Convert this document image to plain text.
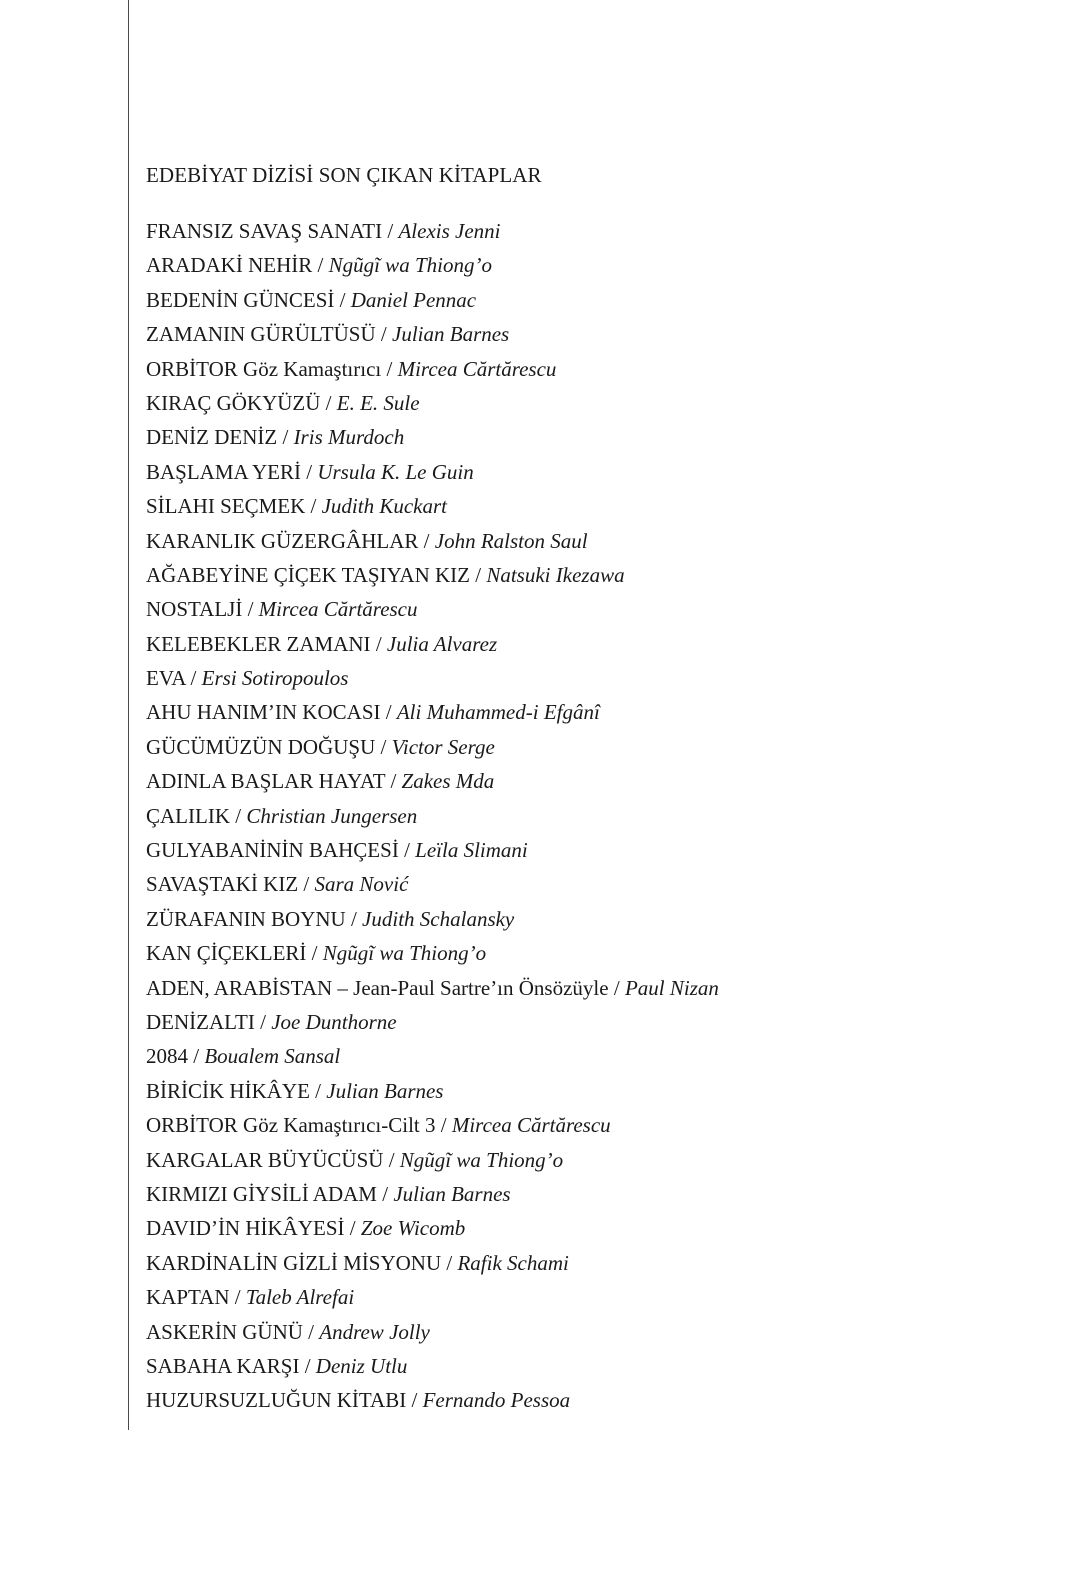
EDEBİYAT DİZİSİ SON ÇIKAN KİTAPLAR
FRANSIZ SAVAŞ SANATI / Alexis Jenni
ARADAKİ NEHİR / Ngũgĩ wa Thiong’o
BEDENİN GÜNCESİ / Daniel Pennac
ZAMANIN GÜRÜLTÜSÜ / Julian Barnes
ORBİTOR Göz Kamaştırıcı / Mircea Cărtărescu
KIRAÇ GÖKYÜZÜ / E. E. Sule
DENİZ DENİZ / Iris Murdoch
BAŞLAMA YERİ / Ursula K. Le Guin
SİLAHI SEÇMEK / Judith Kuckart
KARANLIK GÜZERGÂHLAR / John Ralston Saul
AĞABEYİNE ÇİÇEK TAŞIYAN KIZ / Natsuki Ikezawa
NOSTALJİ / Mircea Cărtărescu
KELEBEKLER ZAMANI / Julia Alvarez
EVA / Ersi Sotiropoulos
AHU HANIM’IN KOCASI / Ali Muhammed-i Efgânî
GÜCÜMÜZÜN DOĞUŞU / Victor Serge
ADINLA BAŞLAR HAYAT / Zakes Mda
ÇALILIK / Christian Jungersen
GULYABANİNİN BAHÇESİ / Leïla Slimani
SAVAŞTAKİ KIZ / Sara Nović
ZÜRAFANIN BOYNU / Judith Schalansky
KAN ÇİÇEKLERİ / Ngũgĩ wa Thiong’o
ADEN, ARABİSTAN – Jean-Paul Sartre’ın Önsözüyle / Paul Nizan
DENİZALTI / Joe Dunthorne
2084 / Boualem Sansal
BİRİCİK HİKÂYE / Julian Barnes
ORBİTOR Göz Kamaştırıcı-Cilt 3 / Mircea Cărtărescu
KARGALAR BÜYÜCÜSÜ / Ngũgĩ wa Thiong’o
KIRMIZI GİYSİLİ ADAM / Julian Barnes
DAVID’İN HİKÂYESİ / Zoe Wicomb
KARDİNALİN GİZLİ MİSYONU / Rafik Schami
KAPTAN / Taleb Alrefai
ASKERİN GÜNÜ / Andrew Jolly
SABAHA KARŞI / Deniz Utlu
HUZURSUZLUĞUN KİTABI / Fernando Pessoa
